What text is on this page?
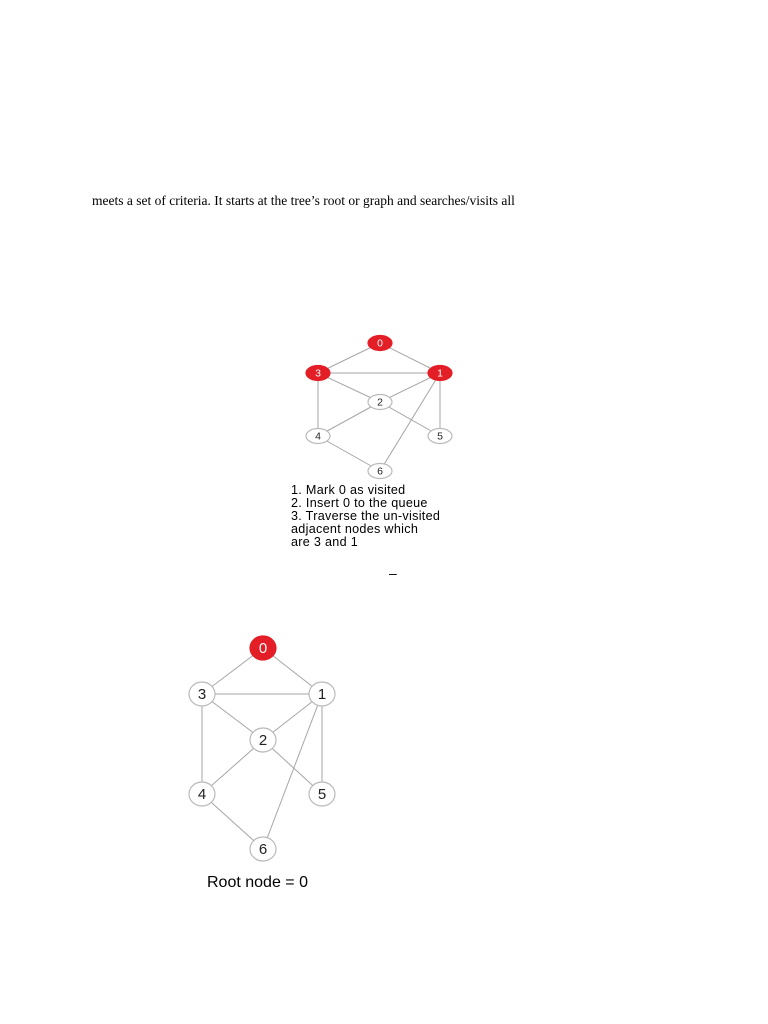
meets a set of criteria. It starts at the tree’s root or graph and searches/visits all
0
3	1
2
4	5
6
1. Mark 0 as visited
2. Insert 0 to the queue
3. Traverse the un-visited
adjacent nodes which
are 3 and 1
–
0
3	1
2
4	5
6
Root node = 0
